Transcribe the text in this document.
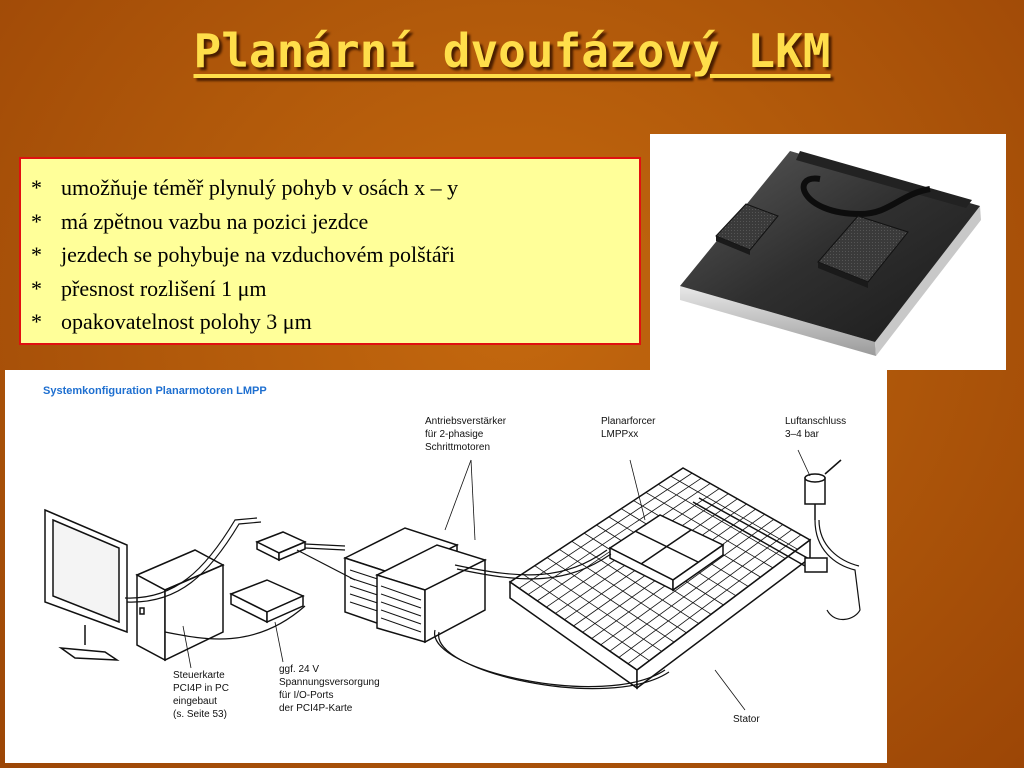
Planární dvoufázový LKM
* umožňuje téměř plynulý pohyb v osách x – y
* má zpětnou vazbu na pozici jezdce
* jezdech se pohybuje na vzduchovém polštáři
* přesnost rozlišení 1 μm
* opakovatelnost polohy 3 μm
Systemkonfiguration Planarmotoren LMPP
Antriebsverstärker
für 2-phasige
Schrittmotoren
Planarforcer
LMPPxx
Luftanschluss
3–4 bar
Steuerkarte
PCI4P in PC
eingebaut
(s. Seite 53)
ggf. 24 V
Spannungsversorgung
für I/O-Ports
der PCI4P-Karte
Stator
